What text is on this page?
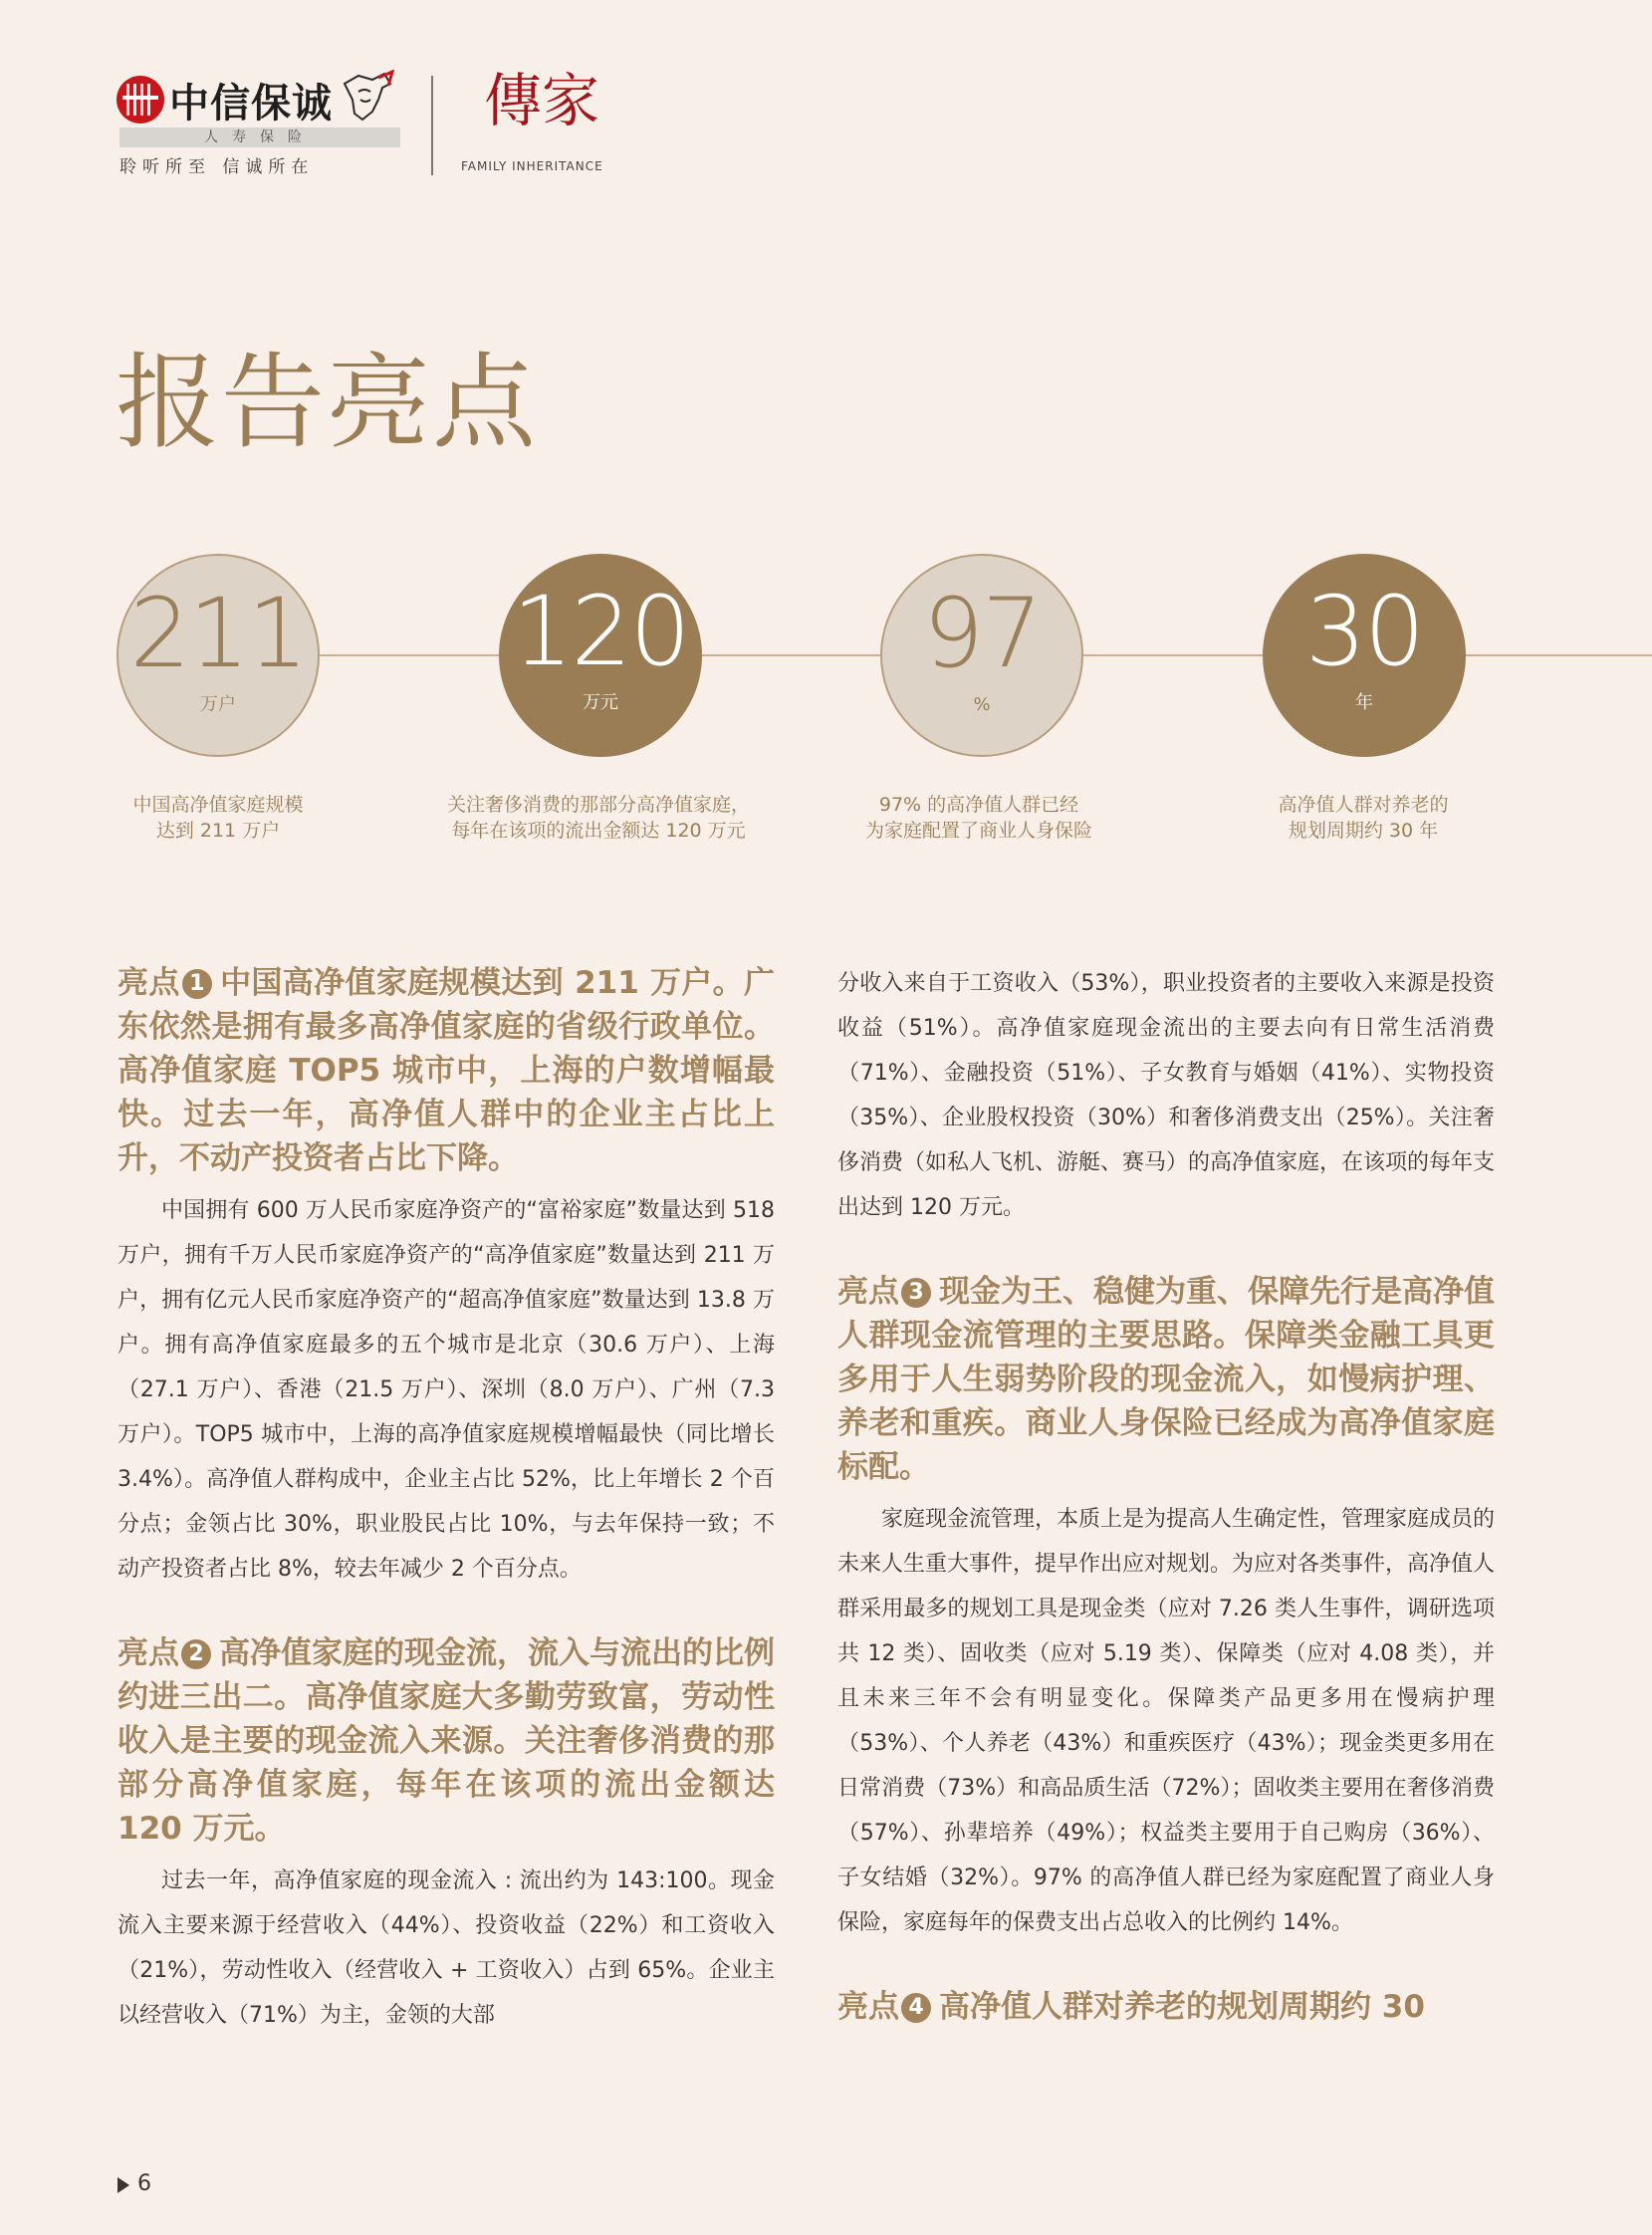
中信保诚
人寿保险
聆听所至 信诚所在
傳家
FAMILY INHERITANCE
报告亮点
211
万户
120
万元
97
%
30
年
中国高净值家庭规模
达到 211 万户
关注奢侈消费的那部分高净值家庭，
每年在该项的流出金额达 120 万元
97% 的高净值人群已经
为家庭配置了商业人身保险
高净值人群对养老的
规划周期约 30 年

亮点 1 中国高净值家庭规模达到 211 万户。广东依然是拥有最多高净值家庭的省级行政单位。高净值家庭 TOP5 城市中，上海的户数增幅最快。过去一年，高净值人群中的企业主占比上升，不动产投资者占比下降。

中国拥有 600 万人民币家庭净资产的“富裕家庭”数量达到 518 万户，拥有千万人民币家庭净资产的“高净值家庭”数量达到 211 万户，拥有亿元人民币家庭净资产的“超高净值家庭”数量达到 13.8 万户。拥有高净值家庭最多的五个城市是北京（30.6 万户）、上海（27.1 万户）、香港（21.5 万户）、深圳（8.0 万户）、广州（7.3 万户）。TOP5 城市中，上海的高净值家庭规模增幅最快（同比增长 3.4%）。高净值人群构成中，企业主占比 52%，比上年增长 2 个百分点；金领占比 30%，职业股民占比 10%，与去年保持一致；不动产投资者占比 8%，较去年减少 2 个百分点。

亮点 2 高净值家庭的现金流，流入与流出的比例约进三出二。高净值家庭大多勤劳致富，劳动性收入是主要的现金流入来源。关注奢侈消费的那部分高净值家庭，每年在该项的流出金额达 120 万元。

过去一年，高净值家庭的现金流入 : 流出约为 143:100。现金流入主要来源于经营收入（44%）、投资收益（22%）和工资收入（21%），劳动性收入（经营收入 + 工资收入）占到 65%。企业主以经营收入（71%）为主，金领的大部

分收入来自于工资收入（53%），职业投资者的主要收入来源是投资收益（51%）。高净值家庭现金流出的主要去向有日常生活消费（71%）、金融投资（51%）、子女教育与婚姻（41%）、实物投资（35%）、企业股权投资（30%）和奢侈消费支出（25%）。关注奢侈消费（如私人飞机、游艇、赛马）的高净值家庭，在该项的每年支出达到 120 万元。

亮点 3 现金为王、稳健为重、保障先行是高净值人群现金流管理的主要思路。保障类金融工具更多用于人生弱势阶段的现金流入，如慢病护理、养老和重疾。商业人身保险已经成为高净值家庭标配。

家庭现金流管理，本质上是为提高人生确定性，管理家庭成员的未来人生重大事件，提早作出应对规划。为应对各类事件，高净值人群采用最多的规划工具是现金类（应对 7.26 类人生事件，调研选项共 12 类）、固收类（应对 5.19 类）、保障类（应对 4.08 类），并且未来三年不会有明显变化。保障类产品更多用在慢病护理（53%）、个人养老（43%）和重疾医疗（43%）；现金类更多用在日常消费（73%）和高品质生活（72%）；固收类主要用在奢侈消费（57%）、孙辈培养（49%）；权益类主要用于自己购房（36%）、子女结婚（32%）。97% 的高净值人群已经为家庭配置了商业人身保险，家庭每年的保费支出占总收入的比例约 14%。

亮点 4 高净值人群对养老的规划周期约 30

6
